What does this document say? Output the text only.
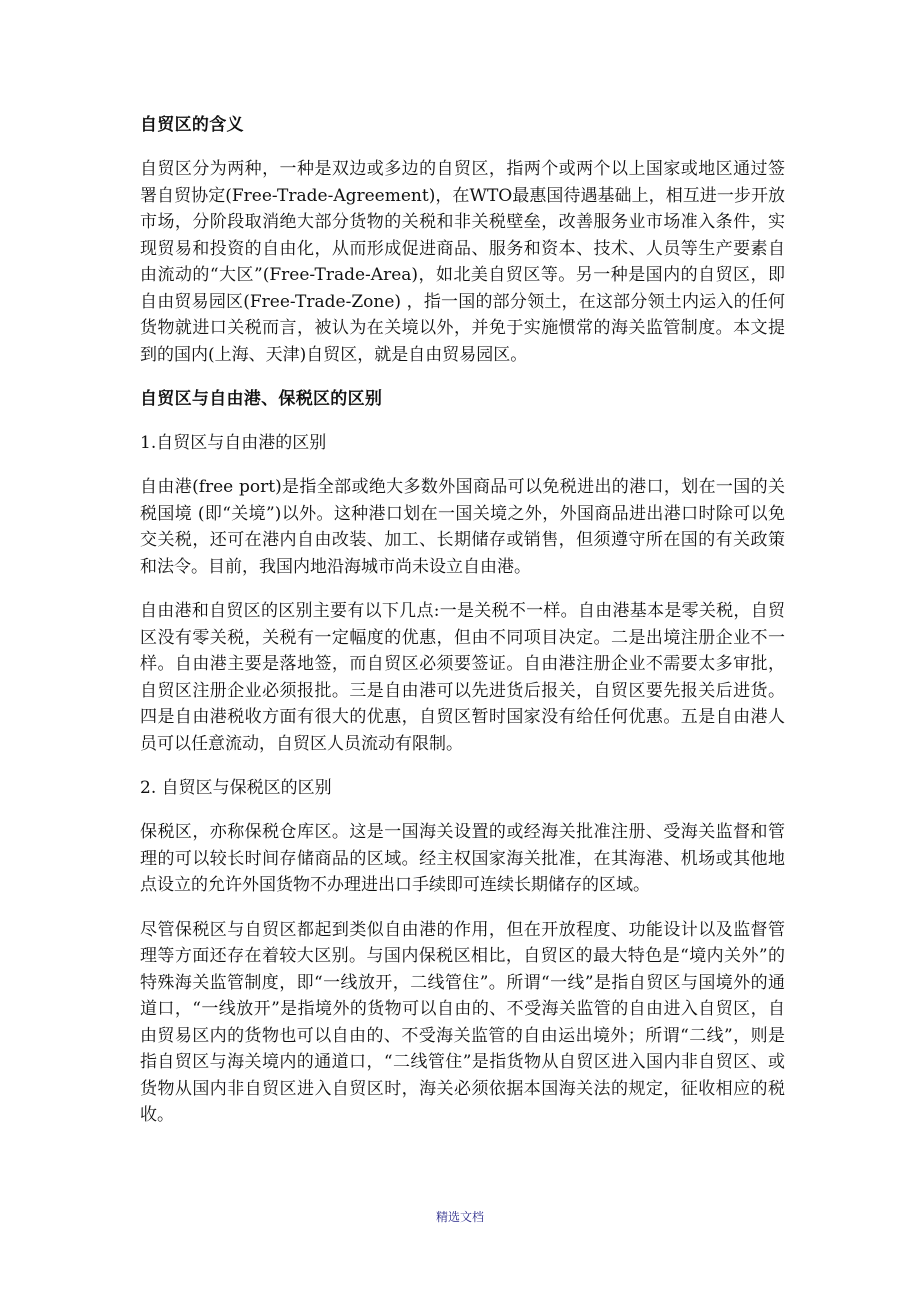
自贸区的含义
自贸区分为两种，一种是双边或多边的自贸区，指两个或两个以上国家或地区通过签署自贸协定(Free-Trade-Agreement)，在WTO最惠国待遇基础上，相互进一步开放市场，分阶段取消绝大部分货物的关税和非关税壁垒，改善服务业市场准入条件，实现贸易和投资的自由化，从而形成促进商品、服务和资本、技术、人员等生产要素自由流动的“大区”(Free-Trade-Area)，如北美自贸区等。另一种是国内的自贸区，即自由贸易园区(Free-Trade-Zone) ，指一国的部分领土，在这部分领土内运入的任何货物就进口关税而言，被认为在关境以外，并免于实施惯常的海关监管制度。本文提到的国内(上海、天津)自贸区，就是自由贸易园区。
自贸区与自由港、保税区的区别
1.自贸区与自由港的区别
自由港(free port)是指全部或绝大多数外国商品可以免税进出的港口，划在一国的关税国境 (即“关境”)以外。这种港口划在一国关境之外，外国商品进出港口时除可以免交关税，还可在港内自由改装、加工、长期储存或销售，但须遵守所在国的有关政策和法令。目前，我国内地沿海城市尚未设立自由港。
自由港和自贸区的区别主要有以下几点:一是关税不一样。自由港基本是零关税，自贸区没有零关税，关税有一定幅度的优惠，但由不同项目决定。二是出境注册企业不一样。自由港主要是落地签，而自贸区必须要签证。自由港注册企业不需要太多审批，自贸区注册企业必须报批。三是自由港可以先进货后报关，自贸区要先报关后进货。四是自由港税收方面有很大的优惠，自贸区暂时国家没有给任何优惠。五是自由港人员可以任意流动，自贸区人员流动有限制。
2. 自贸区与保税区的区别
保税区，亦称保税仓库区。这是一国海关设置的或经海关批准注册、受海关监督和管理的可以较长时间存储商品的区域。经主权国家海关批准，在其海港、机场或其他地点设立的允许外国货物不办理进出口手续即可连续长期储存的区域。
尽管保税区与自贸区都起到类似自由港的作用，但在开放程度、功能设计以及监督管理等方面还存在着较大区别。与国内保税区相比，自贸区的最大特色是“境内关外”的特殊海关监管制度，即“一线放开，二线管住”。所谓“一线”是指自贸区与国境外的通道口，“一线放开”是指境外的货物可以自由的、不受海关监管的自由进入自贸区，自由贸易区内的货物也可以自由的、不受海关监管的自由运出境外；所谓“二线”，则是指自贸区与海关境内的通道口，“二线管住”是指货物从自贸区进入国内非自贸区、或货物从国内非自贸区进入自贸区时，海关必须依据本国海关法的规定，征收相应的税收。
精选文档
